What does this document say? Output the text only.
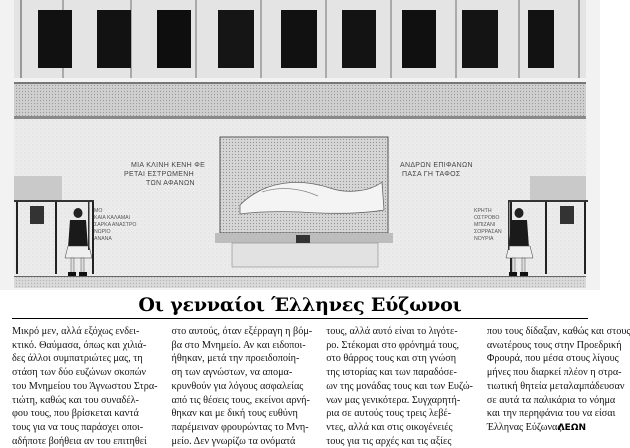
ΜΙΑ ΚΛΙΝΗ ΚΕΝΗ ΦΕ
ΡΕΤΑΙ ΕΣΤΡΩΜΕΝΗ
ΤΩΝ ΑΦΑΝΩΝ
ΑΝΔΡΩΝ ΕΠΙΦΑΝΩΝ
ΠΑΣΑ ΓΗ ΤΑΦΟΣ
ΜΟ
ΚΑΙΑ ΚΑΛΑΜΑΙ
ΣΑΡΚΑ ΑΝΑΣΤΡΟ
ΝΩΡΙΟ
ΑΝΑΝΑ
ΚΡΗΤΗ
ΟΣΤΡΟΒΟ
ΜΠΙΖΑΝΙ
ΣΟΡΡΑΣΑΝ
ΝΟΥΡΙΑ
Οι γενναίοι Έλληνες Εύζωνοι
Μικρό μεν, αλλά εξόχως ενδει-
κτικό. Θαύμασα, όπως και χιλιά-
δες άλλοι συμπατριώτες μας, τη
στάση των δύο ευζώνων σκοπών
του Μνημείου του Άγνωστου Στρα-
τιώτη, καθώς και του συναδέλ-
φου τους, που βρίσκεται καντά
τους για να τους παράσχει οποι-
αδήποτε βοήθεια αν του επιτηθεί
στο αυτούς, όταν εξέρραγη η βόμ-
βα στο Μνημείο. Αν και ειδοποι-
ήθηκαν, μετά την προειδοποίη-
ση των αγνώστων, να απομα-
κρυνθούν για λόγους ασφαλείας
από τις θέσεις τους, εκείνοι αρνή-
θηκαν και με δική τους ευθύνη
παρέμειναν φρουρώντας το Μνη-
μείο. Δεν γνωρίζω τα ονόματά
τους, αλλά αυτό είναι το λιγότε-
ρο. Στέκομαι στο φρόνημά τους,
στο θάρρος τους και στη γνώση
της ιστορίας και των παραδόσε-
ων της μονάδας τους και των Ευζώ-
νων μας γενικότερα. Συγχαρητή-
ρια σε αυτούς τους τρεις λεβέ-
ντες, αλλά και στις οικογένειές
τους για τις αρχές και τις αξίες
που τους δίδαξαν, καθώς και στους
ανωτέρους τους στην Προεδρική
Φρουρά, που μέσα στους λίγους
μήνες που διαρκεί πλέον η στρα-
τιωτική θητεία μεταλαμπάδευσαν
σε αυτά τα παλικάρια το νόημα
και την περηφάνια του να είσαι
Έλληνας Εύζωνας.
ΛΕΩΝ
